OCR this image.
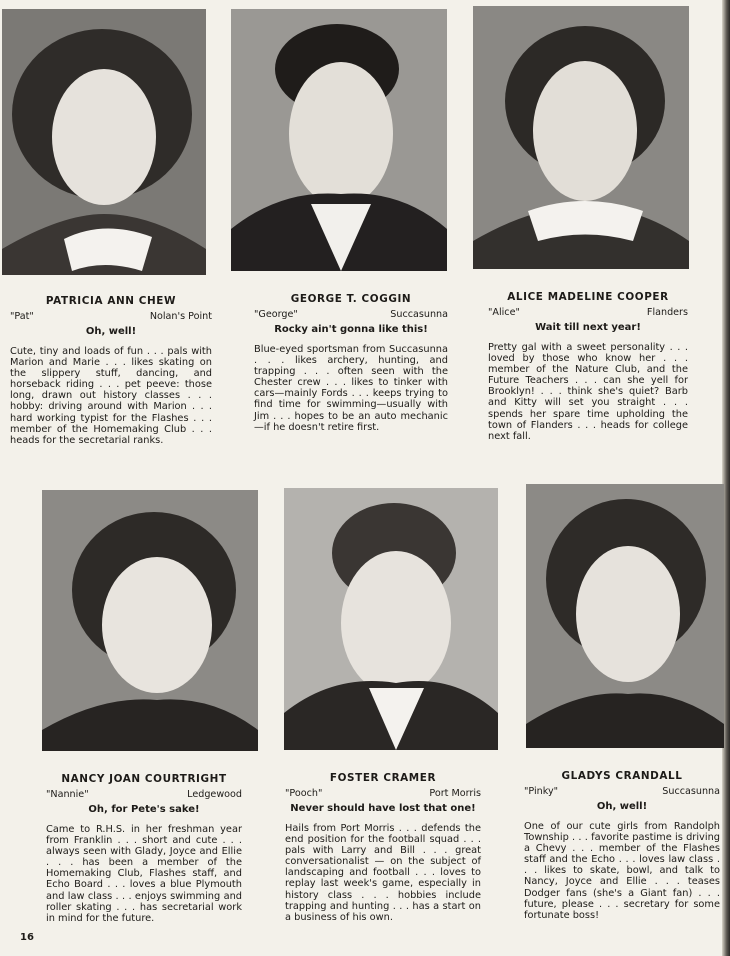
PATRICIA ANN CHEW
"Pat"	Nolan's Point
Oh, well!

Cute, tiny and loads of fun . . . pals with Marion and Marie . . . likes skating on the slippery stuff, dancing, and horseback riding . . . pet peeve: those long, drawn out history classes . . . hobby: driving around with Marion . . . hard working typist for the Flashes . . . member of the Homemaking Club . . . heads for the secretarial ranks.

GEORGE T. COGGIN
"George"	Succasunna
Rocky ain't gonna like this!

Blue-eyed sportsman from Succasunna . . . likes archery, hunting, and trapping . . . often seen with the Chester crew . . . likes to tinker with cars—mainly Fords . . . keeps trying to find time for swimming—usually with Jim . . . hopes to be an auto mechanic—if he doesn't retire first.

ALICE MADELINE COOPER
"Alice"	Flanders
Wait till next year!

Pretty gal with a sweet personality . . . loved by those who know her . . . member of the Nature Club, and the Future Teachers . . . can she yell for Brooklyn! . . . think she's quiet? Barb and Kitty will set you straight . . . spends her spare time upholding the town of Flanders . . . heads for college next fall.

NANCY JOAN COURTRIGHT
"Nannie"	Ledgewood
Oh, for Pete's sake!

Came to R.H.S. in her freshman year from Franklin . . . short and cute . . . always seen with Glady, Joyce and Ellie . . . has been a member of the Homemaking Club, Flashes staff, and Echo Board . . . loves a blue Plymouth and law class . . . enjoys swimming and roller skating . . . has secretarial work in mind for the future.

FOSTER CRAMER
"Pooch"	Port Morris
Never should have lost that one!

Hails from Port Morris . . . defends the end position for the football squad . . . pals with Larry and Bill . . . great conversationalist — on the subject of landscaping and football . . . loves to replay last week's game, especially in history class . . . hobbies include trapping and hunting . . . has a start on a business of his own.

GLADYS CRANDALL
"Pinky"	Succasunna
Oh, well!

One of our cute girls from Randolph Township . . . favorite pastime is driving a Chevy . . . member of the Flashes staff and the Echo . . . loves law class . . . likes to skate, bowl, and talk to Nancy, Joyce and Ellie . . . teases Dodger fans (she's a Giant fan) . . . future, please . . . secretary for some fortunate boss!

16
